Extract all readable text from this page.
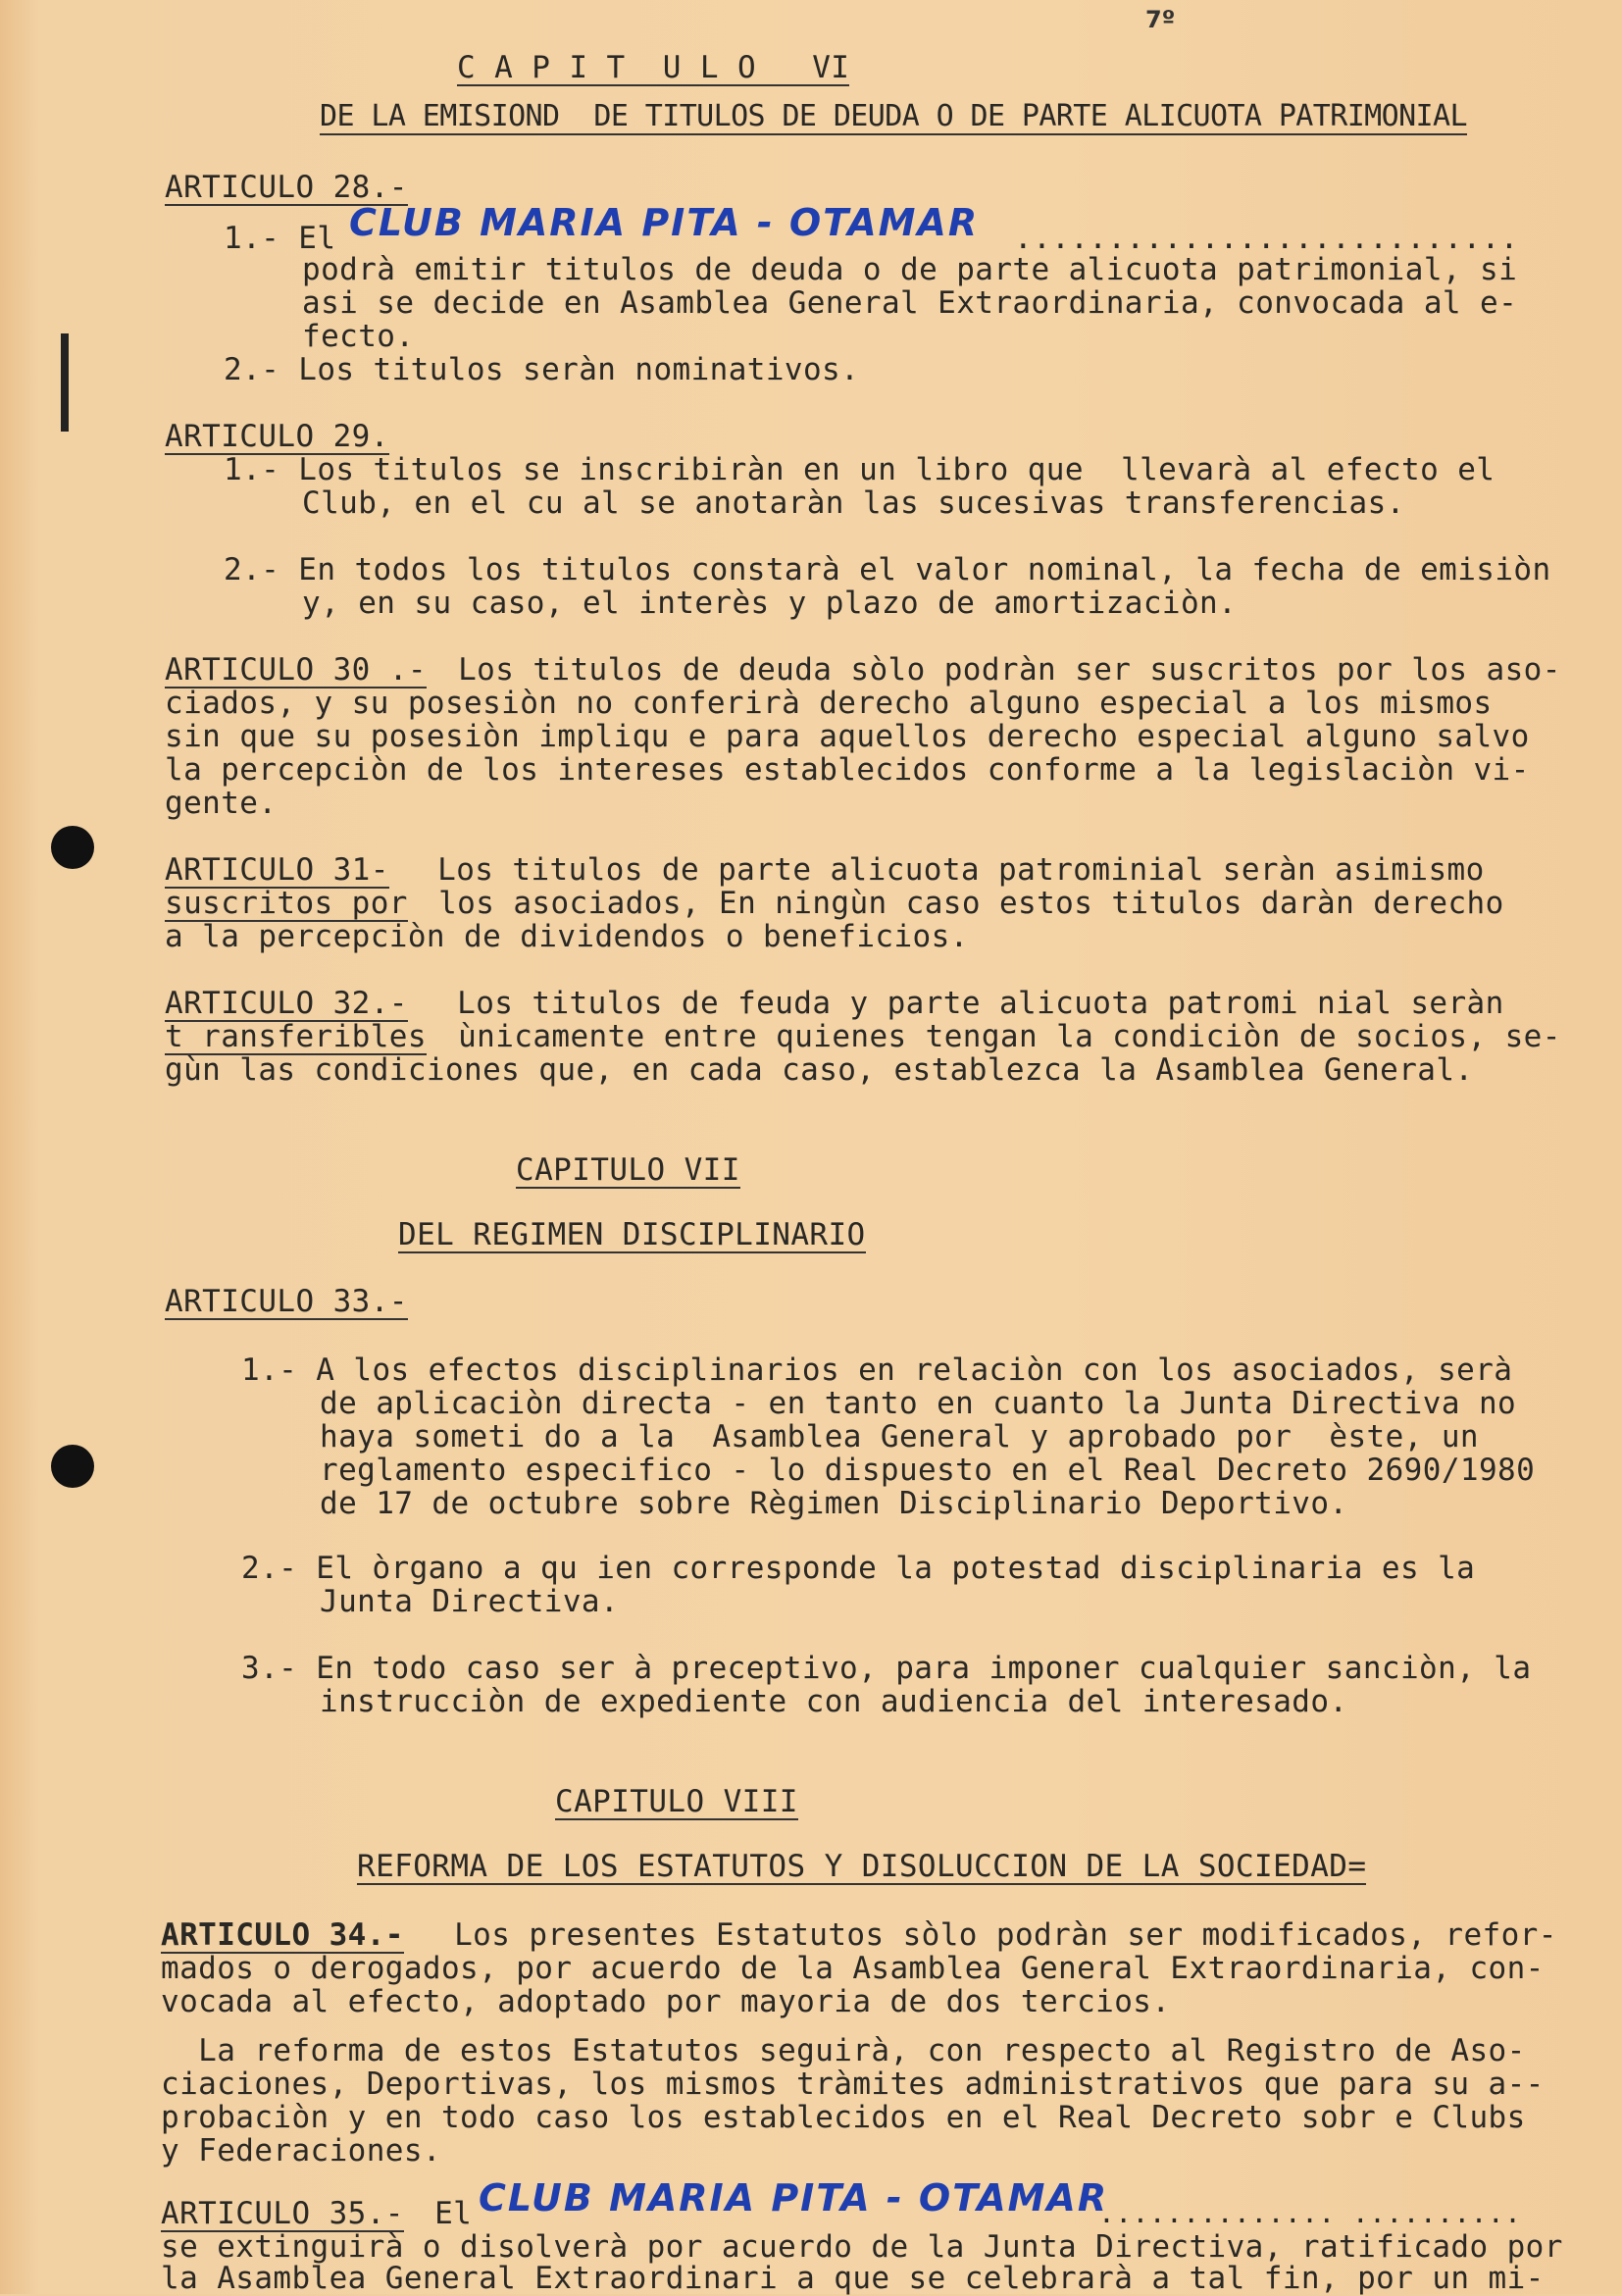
7º
C A P I T  U L O   VI
DE LA EMISIOND  DE TITULOS DE DEUDA O DE PARTE ALICUOTA PATRIMONIAL
ARTICULO 28.-
1.- El CLUB MARIA PITA - OTAMAR ...........................
podrà emitir titulos de deuda o de parte alicuota patrimonial, si
asi se decide en Asamblea General Extraordinaria, convocada al e-
fecto.
2.- Los titulos seràn nominativos.
ARTICULO 29.
1.- Los titulos se inscribiràn en un libro que  llevarà al efecto el
Club, en el cu al se anotaràn las sucesivas transferencias.
2.- En todos los titulos constarà el valor nominal, la fecha de emisiòn
y, en su caso, el interès y plazo de amortizaciòn.
ARTICULO 30 .- Los titulos de deuda sòlo podràn ser suscritos por los aso-
ciados, y su posesiòn no conferirà derecho alguno especial a los mismos
sin que su posesiòn impliqu e para aquellos derecho especial alguno salvo
la percepciòn de los intereses establecidos conforme a la legislaciòn vi-
gente.
ARTICULO 31- Los titulos de parte alicuota patrominial seràn asimismo
suscritos por los asociados, En ningùn caso estos titulos daràn derecho
a la percepciòn de dividendos o beneficios.
ARTICULO 32.- Los titulos de feuda y parte alicuota patromi nial seràn
t ransferibles ùnicamente entre quienes tengan la condiciòn de socios, se-
gùn las condiciones que, en cada caso, establezca la Asamblea General.
CAPITULO VII
DEL REGIMEN DISCIPLINARIO
ARTICULO 33.-
1.- A los efectos disciplinarios en relaciòn con los asociados, serà
de aplicaciòn directa - en tanto en cuanto la Junta Directiva no
haya someti do a la  Asamblea General y aprobado por  èste, un
reglamento especifico - lo dispuesto en el Real Decreto 2690/1980
de 17 de octubre sobre Règimen Disciplinario Deportivo.
2.- El òrgano a qu ien corresponde la potestad disciplinaria es la
Junta Directiva.
3.- En todo caso ser à preceptivo, para imponer cualquier sanciòn, la
instrucciòn de expediente con audiencia del interesado.
CAPITULO VIII
REFORMA DE LOS ESTATUTOS Y DISOLUCCION DE LA SOCIEDAD=
ARTICULO 34.- Los presentes Estatutos sòlo podràn ser modificados, refor-
mados o derogados, por acuerdo de la Asamblea General Extraordinaria, con-
vocada al efecto, adoptado por mayoria de dos tercios.
La reforma de estos Estatutos seguirà, con respecto al Registro de Aso-
ciaciones, Deportivas, los mismos tràmites administrativos que para su a--
probaciòn y en todo caso los establecidos en el Real Decreto sobr e Clubs
y Federaciones.
ARTICULO 35.- El CLUB MARIA PITA - OTAMAR
.............. ..........
se extinguirà o disolverà por acuerdo de la Junta Directiva, ratificado por
la Asamblea General Extraordinari a que se celebrarà a tal fin, por un mi-
